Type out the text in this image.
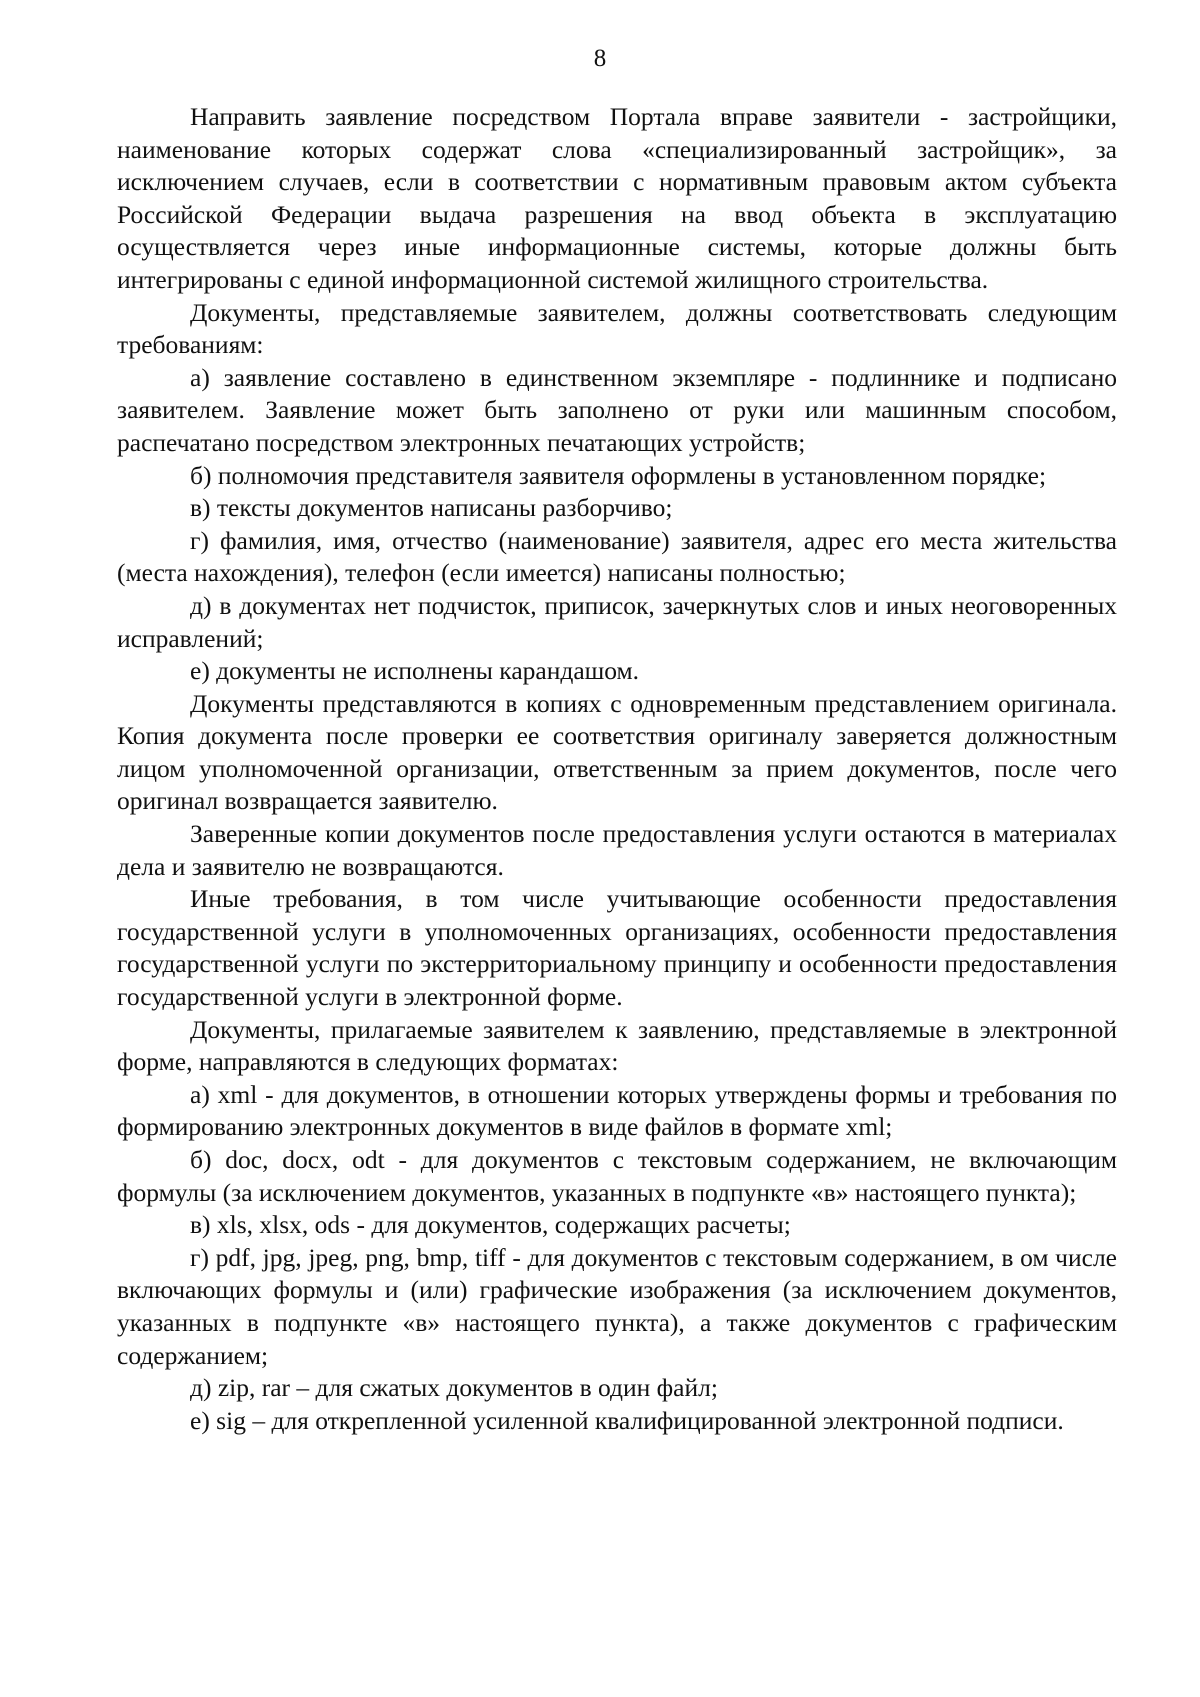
8

Направить заявление посредством Портала вправе заявители - застройщики, наименование которых содержат слова «специализированный застройщик», за исключением случаев, если в соответствии с нормативным правовым актом субъекта Российской Федерации выдача разрешения на ввод объекта в эксплуатацию осуществляется через иные информационные системы, которые должны быть интегрированы с единой информационной системой жилищного строительства.

Документы, представляемые заявителем, должны соответствовать следующим требованиям:

а) заявление составлено в единственном экземпляре - подлиннике и подписано заявителем. Заявление может быть заполнено от руки или машинным способом, распечатано посредством электронных печатающих устройств;

б) полномочия представителя заявителя оформлены в установленном порядке;

в) тексты документов написаны разборчиво;

г) фамилия, имя, отчество (наименование) заявителя, адрес его места жительства (места нахождения), телефон (если имеется) написаны полностью;

д) в документах нет подчисток, приписок, зачеркнутых слов и иных неоговоренных исправлений;

е) документы не исполнены карандашом.

Документы представляются в копиях с одновременным представлением оригинала. Копия документа после проверки ее соответствия оригиналу заверяется должностным лицом уполномоченной организации, ответственным за прием документов, после чего оригинал возвращается заявителю.

Заверенные копии документов после предоставления услуги остаются в материалах дела и заявителю не возвращаются.

Иные требования, в том числе учитывающие особенности предоставления государственной услуги в уполномоченных организациях, особенности предоставления государственной услуги по экстерриториальному принципу и особенности предоставления государственной услуги в электронной форме.

Документы, прилагаемые заявителем к заявлению, представляемые в электронной форме, направляются в следующих форматах:

а) xml - для документов, в отношении которых утверждены формы и требования по формированию электронных документов в виде файлов в формате xml;

б) doc, docx, odt - для документов с текстовым содержанием, не включающим формулы (за исключением документов, указанных в подпункте «в» настоящего пункта);

в) xls, xlsx, ods - для документов, содержащих расчеты;

г) pdf, jpg, jpeg, png, bmp, tiff - для документов с текстовым содержанием, в ом числе включающих формулы и (или) графические изображения (за исключением документов, указанных в подпункте «в» настоящего пункта), а также документов с графическим содержанием;

д) zip, rar – для сжатых документов в один файл;

е) sig – для открепленной усиленной квалифицированной электронной подписи.
